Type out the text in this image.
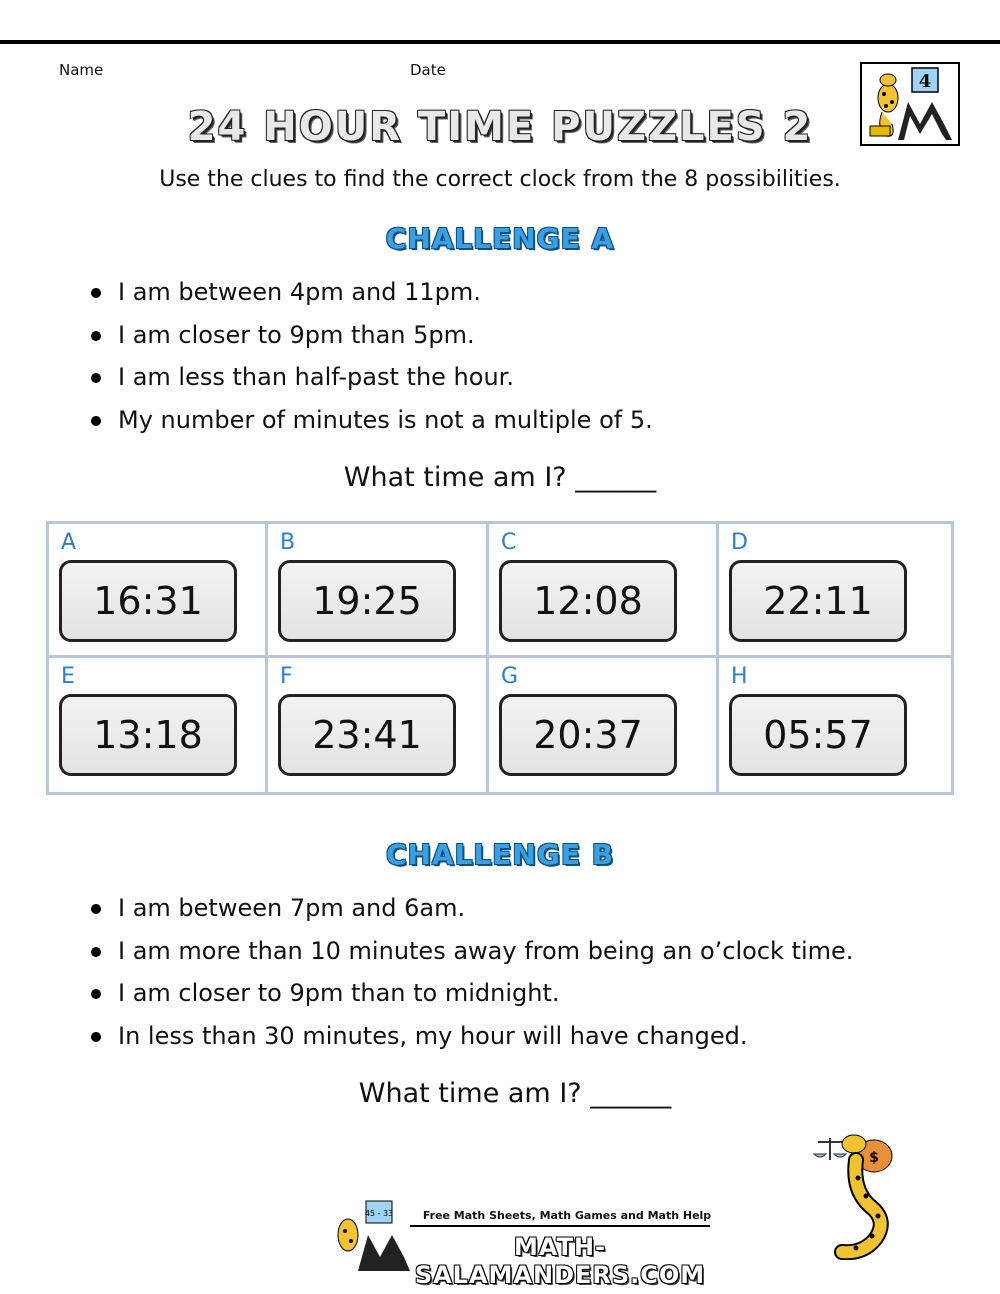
Name	Date
4
24 HOUR TIME PUZZLES 2
Use the clues to find the correct clock from the 8 possibilities.
CHALLENGE A
I am between 4pm and 11pm.
I am closer to 9pm than 5pm.
I am less than half-past the hour.
My number of minutes is not a multiple of 5.
What time am I? ______
A
16:31
B
19:25
C
12:08
D
22:11
E
13:18
F
23:41
G
20:37
H
05:57
CHALLENGE B
I am between 7pm and 6am.
I am more than 10 minutes away from being an o’clock time.
I am closer to 9pm than to midnight.
In less than 30 minutes, my hour will have changed.
What time am I? ______
$
45 - 33	Free Math Sheets, Math Games and Math Help
MATH-SALAMANDERS.COM
